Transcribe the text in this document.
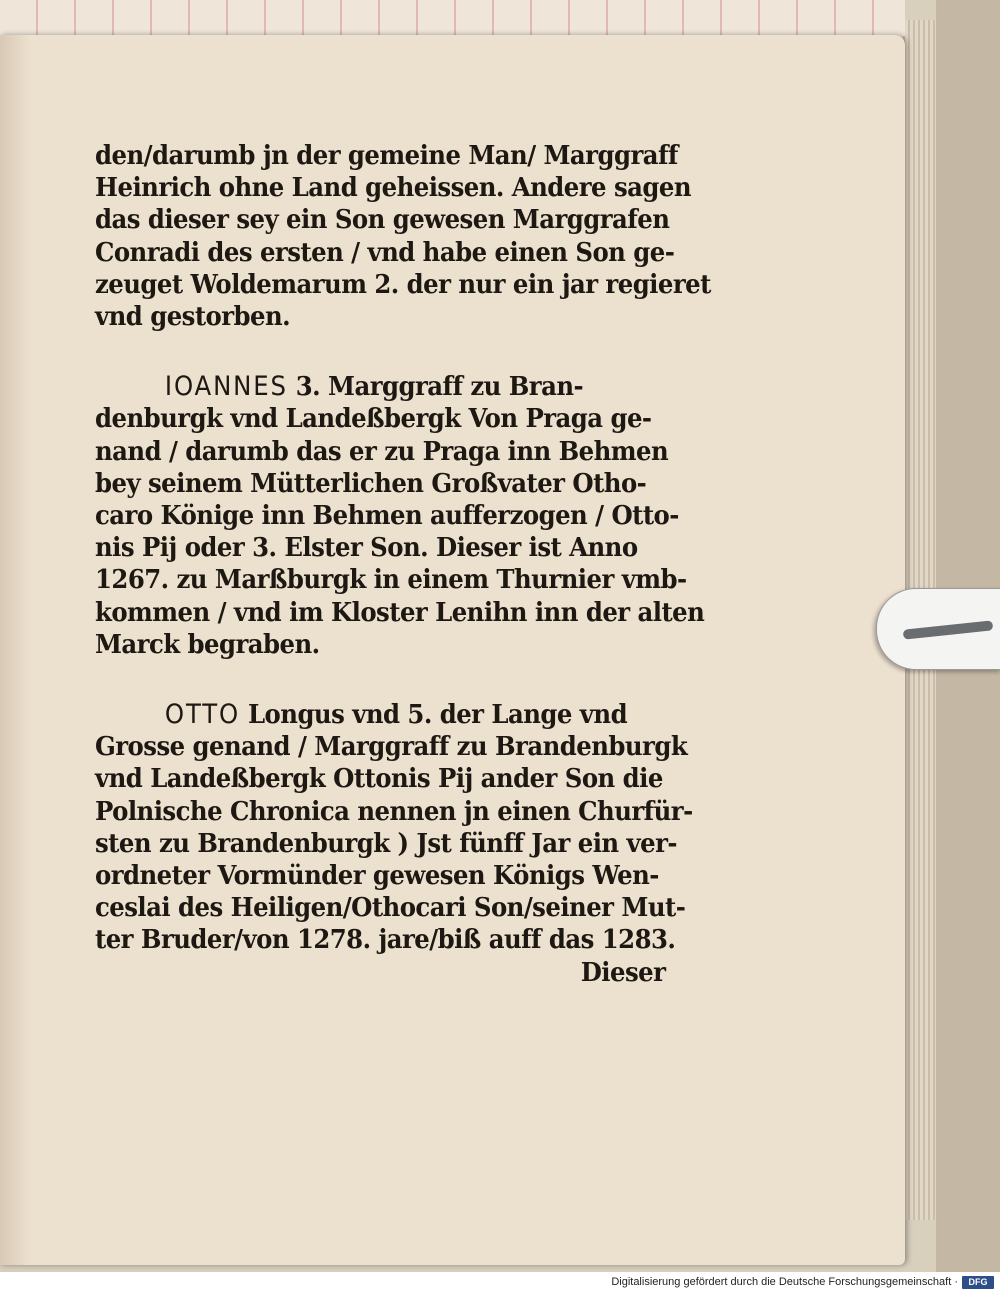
den/darumb jn der gemeine Man/ Marggraff
Heinrich ohne Land geheissen. Andere sagen
das dieser sey ein Son gewesen Marggrafen
Conradi des ersten / vnd habe einen Son ge-
zeuget Woldemarum 2. der nur ein jar regieret
vnd gestorben.
IOANNES 3. Marggraff zu Bran-
denburgk vnd Landeßbergk Von Praga ge-
nand / darumb das er zu Praga inn Behmen
bey seinem Mütterlichen Großvater Otho-
caro Könige inn Behmen aufferzogen / Otto-
nis Pij oder 3. Elster Son. Dieser ist Anno
1267. zu Marßburgk in einem Thurnier vmb-
kommen / vnd im Kloster Lenihn inn der alten
Marck begraben.
OTTO Longus vnd 5. der Lange vnd
Grosse genand / Marggraff zu Brandenburgk
vnd Landeßbergk Ottonis Pij ander Son die
Polnische Chronica nennen jn einen Churfür-
sten zu Brandenburgk ) Jst fünff Jar ein ver-
ordneter Vormünder gewesen Königs Wen-
ceslai des Heiligen/Othocari Son/seiner Mut-
ter Bruder/von 1278. jare/biß auff das 1283.
Dieser
Digitalisierung gefördert durch die Deutsche Forschungsgemeinschaft ·	DFG
